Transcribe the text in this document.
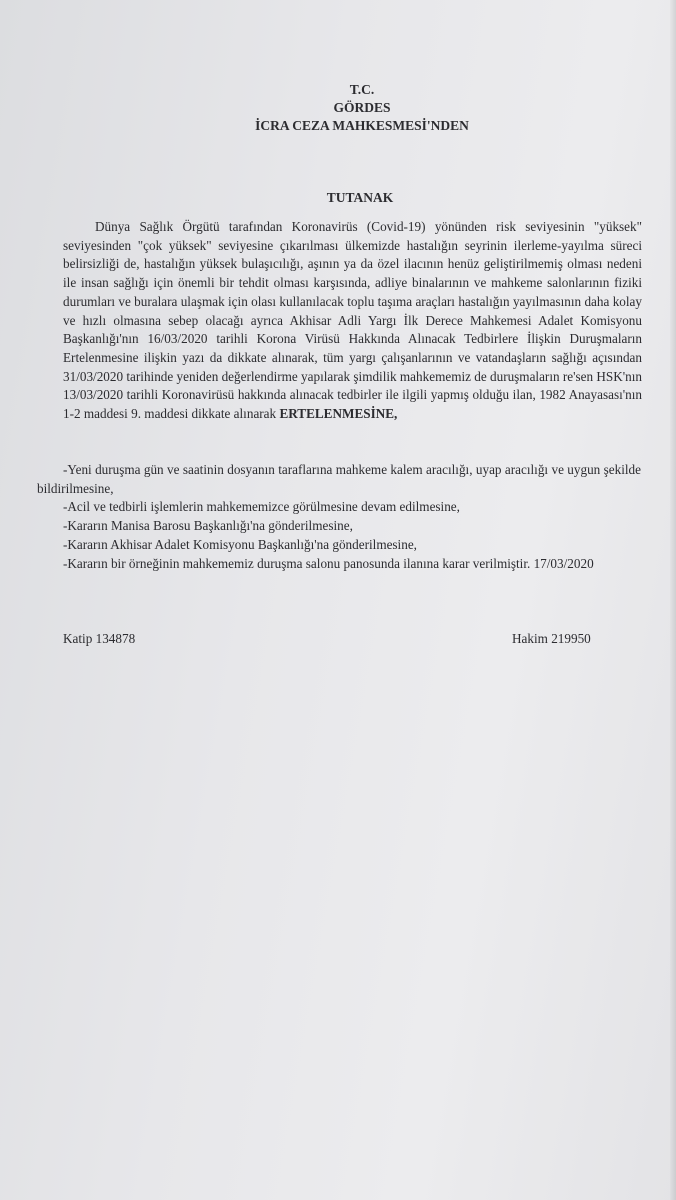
T.C.
GÖRDES
İCRA CEZA MAHKESMESİ'NDEN
TUTANAK

Dünya Sağlık Örgütü tarafından Koronavirüs (Covid-19) yönünden risk seviyesinin "yüksek" seviyesinden "çok yüksek" seviyesine çıkarılması ülkemizde hastalığın seyrinin ilerleme-yayılma süreci belirsizliği de, hastalığın yüksek bulaşıcılığı, aşının ya da özel ilacının henüz geliştirilmemiş olması nedeni ile insan sağlığı için önemli bir tehdit olması karşısında, adliye binalarının ve mahkeme salonlarının fiziki durumları ve buralara ulaşmak için olası kullanılacak toplu taşıma araçları hastalığın yayılmasının daha kolay ve hızlı olmasına sebep olacağı ayrıca Akhisar Adli Yargı İlk Derece Mahkemesi Adalet Komisyonu Başkanlığı'nın 16/03/2020 tarihli Korona Virüsü Hakkında Alınacak Tedbirlere İlişkin Duruşmaların Ertelenmesine ilişkin yazı da dikkate alınarak, tüm yargı çalışanlarının ve vatandaşların sağlığı açısından 31/03/2020 tarihinde yeniden değerlendirme yapılarak şimdilik mahkememiz de duruşmaların re'sen HSK'nın 13/03/2020 tarihli Koronavirüsü hakkında alınacak tedbirler ile ilgili yapmış olduğu ilan, 1982 Anayasası'nın 1-2 maddesi 9. maddesi dikkate alınarak ERTELENMESİNE,

-Yeni duruşma gün ve saatinin dosyanın taraflarına mahkeme kalem aracılığı, uyap aracılığı ve uygun şekilde bildirilmesine,
-Acil ve tedbirli işlemlerin mahkememizce görülmesine devam edilmesine,
-Kararın Manisa Barosu Başkanlığı'na gönderilmesine,
-Kararın Akhisar Adalet Komisyonu Başkanlığı'na gönderilmesine,
-Kararın bir örneğinin mahkememiz duruşma salonu panosunda ilanına karar verilmiştir. 17/03/2020
Katip 134878	Hakim 219950
